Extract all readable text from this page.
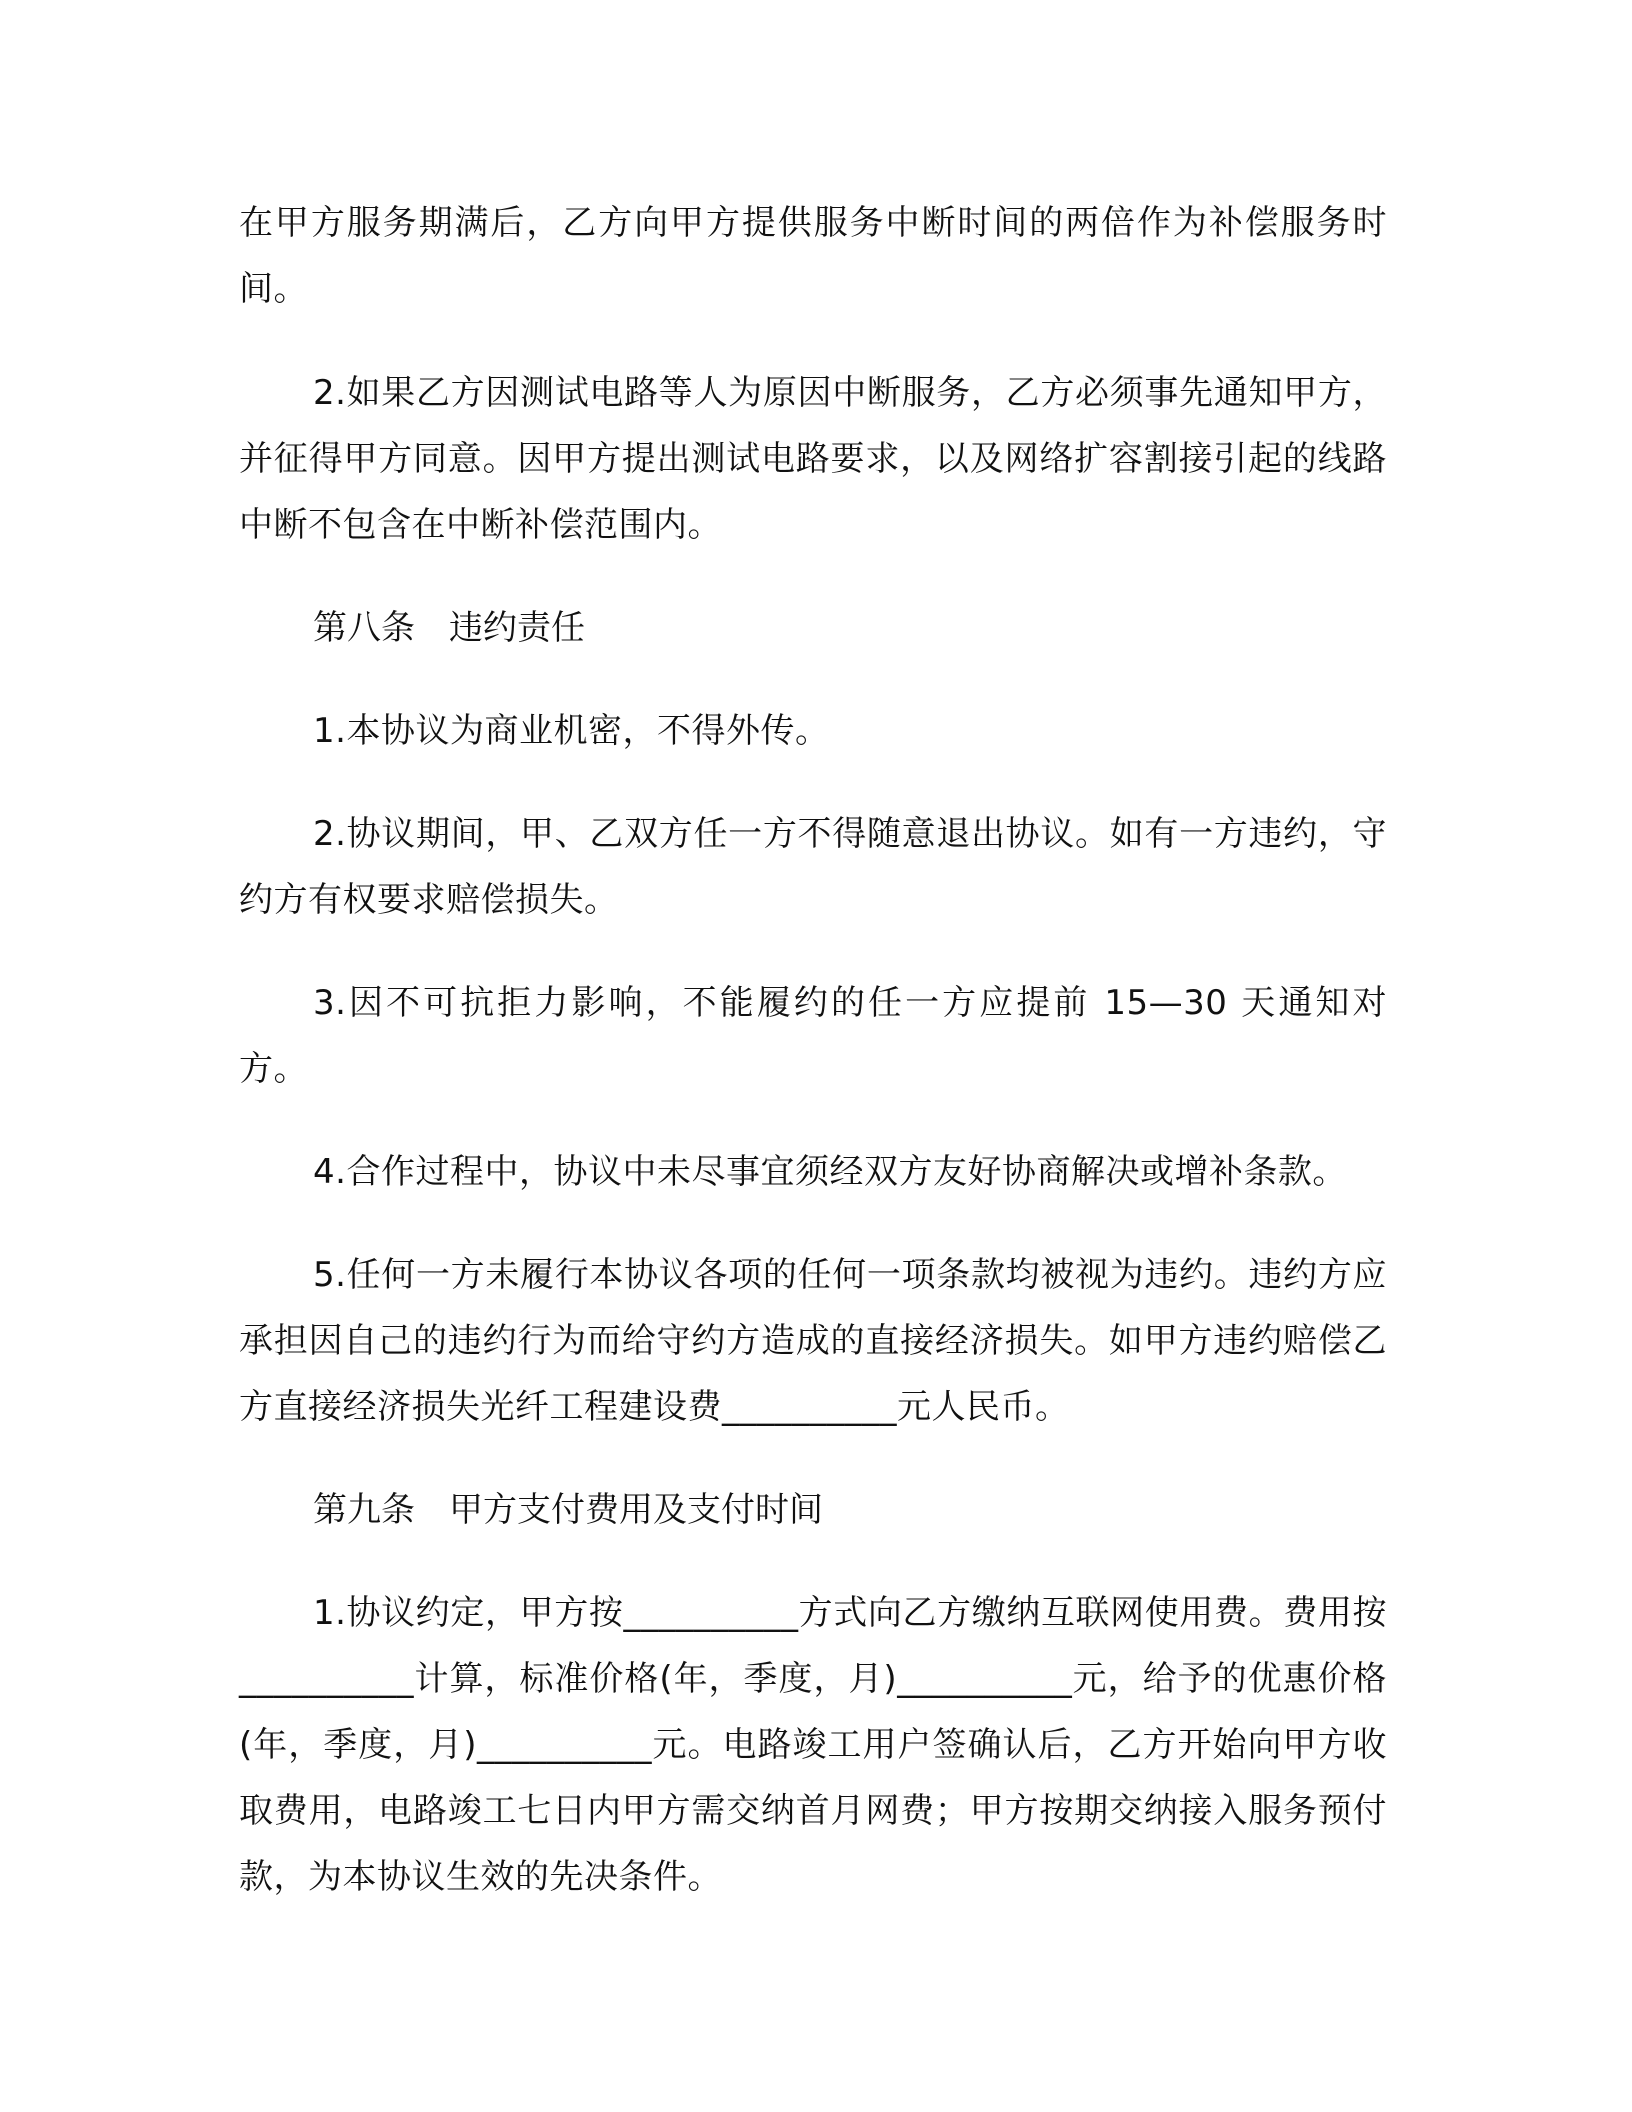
在甲方服务期满后，乙方向甲方提供服务中断时间的两倍作为补偿服务时间。

2.如果乙方因测试电路等人为原因中断服务，乙方必须事先通知甲方，并征得甲方同意。因甲方提出测试电路要求，以及网络扩容割接引起的线路中断不包含在中断补偿范围内。

第八条　违约责任

1.本协议为商业机密，不得外传。

2.协议期间，甲、乙双方任一方不得随意退出协议。如有一方违约，守约方有权要求赔偿损失。

3.因不可抗拒力影响，不能履约的任一方应提前 15—30 天通知对方。

4.合作过程中，协议中未尽事宜须经双方友好协商解决或增补条款。

5.任何一方未履行本协议各项的任何一项条款均被视为违约。违约方应承担因自己的违约行为而给守约方造成的直接经济损失。如甲方违约赔偿乙方直接经济损失光纤工程建设费__________元人民币。

第九条　甲方支付费用及支付时间

1.协议约定，甲方按__________方式向乙方缴纳互联网使用费。费用按__________计算，标准价格(年，季度，月)__________元，给予的优惠价格(年，季度，月)__________元。电路竣工用户签确认后，乙方开始向甲方收取费用，电路竣工七日内甲方需交纳首月网费；甲方按期交纳接入服务预付款，为本协议生效的先决条件。
